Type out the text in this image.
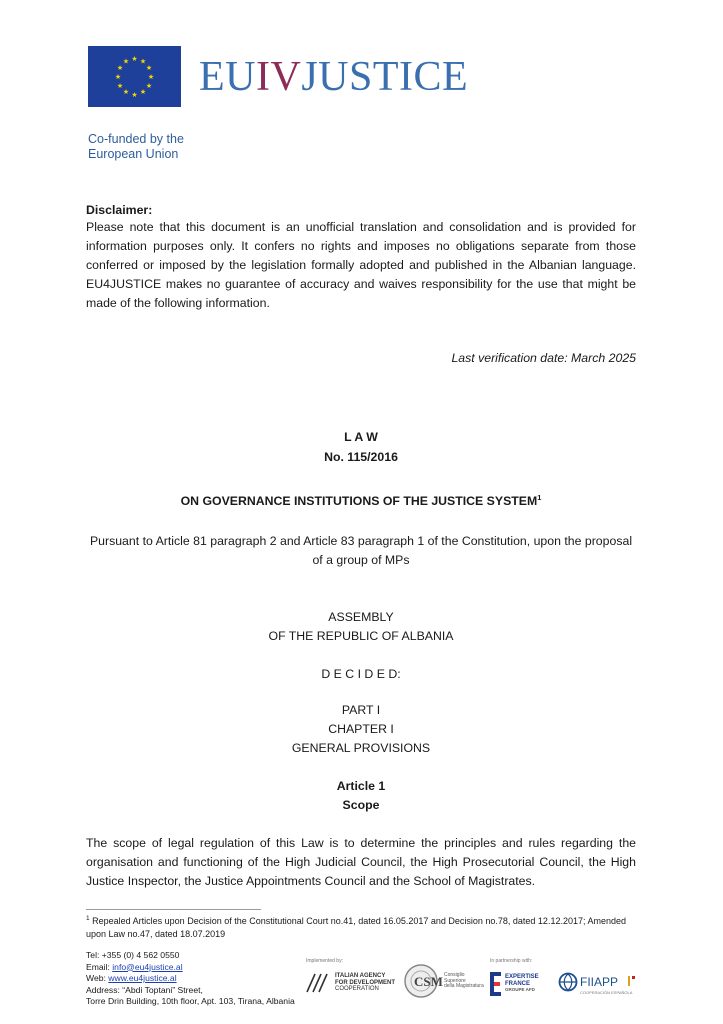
★ ★
★
★
★
★
★
★
★
★
★
★ EUIVJUSTICE
Co-funded by the
European Union
Disclaimer:
Please note that this document is an unofficial translation and consolidation and is provided for information purposes only. It confers no rights and imposes no obligations separate from those conferred or imposed by the legislation formally adopted and published in the Albanian language. EU4JUSTICE makes no guarantee of accuracy and waives responsibility for the use that might be made of the following information.
Last verification date: March 2025
L A W
No. 115/2016
ON GOVERNANCE INSTITUTIONS OF THE JUSTICE SYSTEM$^1$
Pursuant to Article 81 paragraph 2 and Article 83 paragraph 1 of the Constitution, upon the proposal of a group of MPs
ASSEMBLY
OF THE REPUBLIC OF ALBANIA
D E C I D E D:
PART I
CHAPTER I
GENERAL PROVISIONS
Article 1
Scope
The scope of legal regulation of this Law is to determine the principles and rules regarding the organisation and functioning of the High Judicial Council, the High Prosecutorial Council, the High Justice Inspector, the Justice Appointments Council and the School of Magistrates.
$^1$ Repealed Articles upon Decision of the Constitutional Court no.41, dated 16.05.2017 and Decision no.78, dated 12.12.2017; Amended upon Law no.47, dated 18.07.2019
Tel: +355 (0) 4 562 0550
Email: info@eu4justice.al
Web: www.eu4justice.al
Address: “Abdi Toptani” Street,
Torre Drin Building, 10th floor, Apt. 103, Tirana, Albania
Implemented by:
ITALIAN AGENCY
FOR DEVELOPMENT
COOPERATION	CSM Consiglio
Superiore
della Magistratura
In partnership with:
EXPERTISE
FRANCE
GROUPE AFD
FIIAPP
COOPERACIÓN ESPAÑOLA
